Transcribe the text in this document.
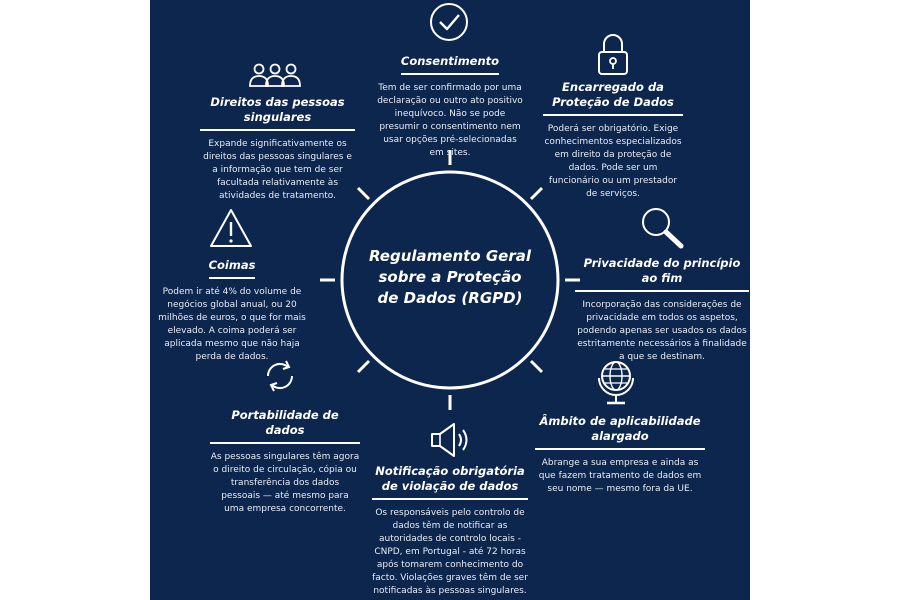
Regulamento Geral
sobre a Proteção
de Dados (RGPD)
Consentimento

Tem de ser confirmado por uma declaração ou outro ato positivo inequívoco. Não se pode presumir o consentimento nem usar opções pré-selecionadas em sites.

Direitos das pessoas singulares

Expande significativamente os direitos das pessoas singulares e a informação que tem de ser facultada relativamente às atividades de tratamento.

Encarregado da Proteção de Dados

Poderá ser obrigatório. Exige conhecimentos especializados em direito da proteção de dados. Pode ser um funcionário ou um prestador de serviços.

Coimas

Podem ir até 4% do volume de negócios global anual, ou 20 milhões de euros, o que for mais elevado. A coima poderá ser aplicada mesmo que não haja perda de dados.

Privacidade do princípio ao fim

Incorporação das considerações de privacidade em todos os aspetos, podendo apenas ser usados os dados estritamente necessários à finalidade a que se destinam.

Portabilidade de dados

As pessoas singulares têm agora o direito de circulação, cópia ou transferência dos dados pessoais — até mesmo para uma empresa concorrente.

Âmbito de aplicabilidade alargado

Abrange a sua empresa e ainda as que fazem tratamento de dados em seu nome — mesmo fora da UE.

Notificação obrigatória de violação de dados

Os responsáveis pelo controlo de dados têm de notificar as autoridades de controlo locais - CNPD, em Portugal - até 72 horas após tomarem conhecimento do facto. Violações graves têm de ser notificadas às pessoas singulares.
